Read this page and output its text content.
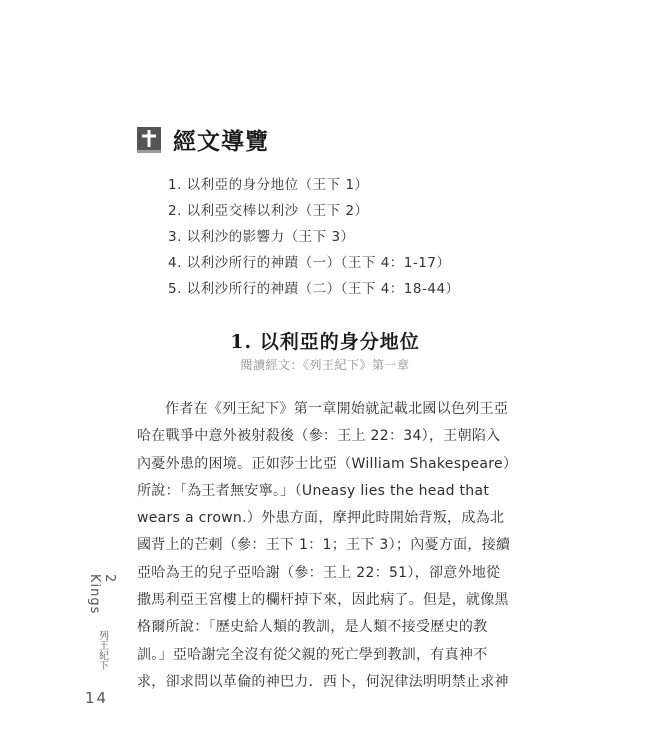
經文導覽
1. 以利亞的身分地位（王下 1）
2. 以利亞交棒以利沙（王下 2）
3. 以利沙的影響力（王下 3）
4. 以利沙所行的神蹟（一）（王下 4：1-17）
5. 以利沙所行的神蹟（二）（王下 4：18-44）
1. 以利亞的身分地位
閱讀經文：《列王紀下》第一章
作者在《列王紀下》第一章開始就記載北國以色列王亞
哈在戰爭中意外被射殺後（參：王上 22：34），王朝陷入
內憂外患的困境。正如莎士比亞（William Shakespeare）
所說：「為王者無安寧。」（Uneasy lies the head that
wears a crown.）外患方面，摩押此時開始背叛，成為北
國背上的芒刺（參：王下 1：1；王下 3）；內憂方面，接續
亞哈為王的兒子亞哈謝（參：王上 22：51），卻意外地從
撒馬利亞王宮樓上的欄杆掉下來，因此病了。但是，就像黑
格爾所說：「歷史給人類的教訓，是人類不接受歷史的教
訓。」亞哈謝完全沒有從父親的死亡學到教訓，有真神不
求，卻求問以革倫的神巴力．西卜，何況律法明明禁止求神
2 Kings
列王紀下
14
